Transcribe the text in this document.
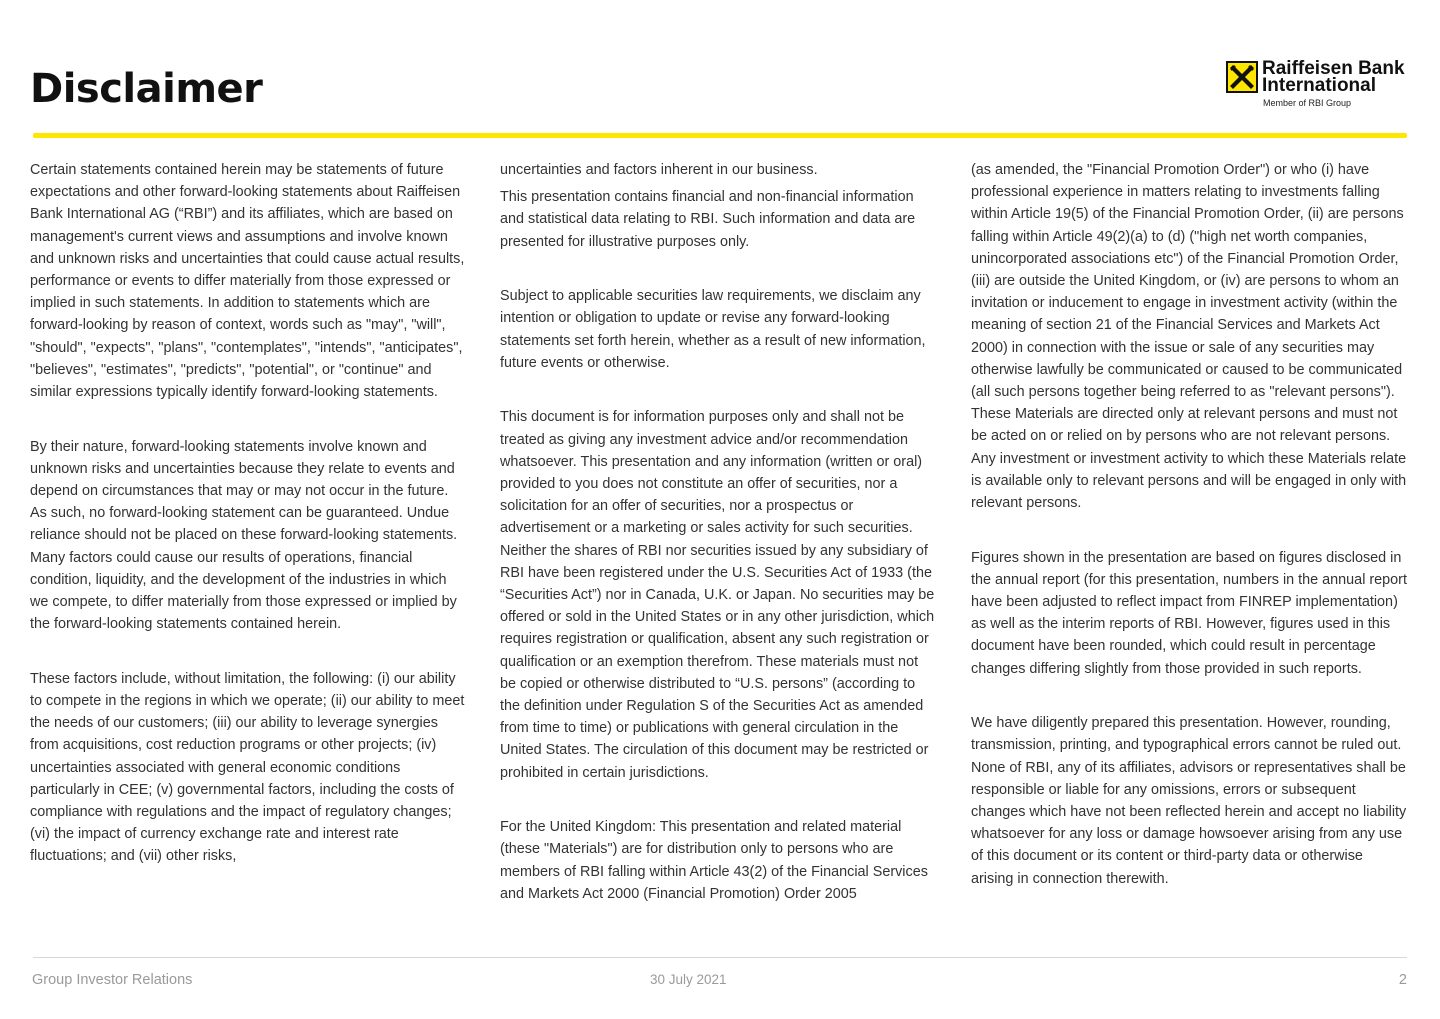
Disclaimer	Raiffeisen Bank
International
Member of RBI Group

Certain statements contained herein may be statements of future expectations and other forward-looking statements about Raiffeisen Bank International AG (“RBI”) and its affiliates, which are based on management's current views and assumptions and involve known and unknown risks and uncertainties that could cause actual results, performance or events to differ materially from those expressed or implied in such statements. In addition to statements which are forward-looking by reason of context, words such as "may", "will", "should", "expects", "plans", "contemplates", "intends", "anticipates", "believes", "estimates", "predicts", "potential", or "continue" and similar expressions typically identify forward-looking statements.

By their nature, forward-looking statements involve known and unknown risks and uncertainties because they relate to events and depend on circumstances that may or may not occur in the future. As such, no forward-looking statement can be guaranteed. Undue reliance should not be placed on these forward-looking statements. Many factors could cause our results of operations, financial condition, liquidity, and the development of the industries in which we compete, to differ materially from those expressed or implied by the forward-looking statements contained herein.

These factors include, without limitation, the following: (i) our ability to compete in the regions in which we operate; (ii) our ability to meet the needs of our customers; (iii) our ability to leverage synergies from acquisitions, cost reduction programs or other projects; (iv) uncertainties associated with general economic conditions particularly in CEE; (v) governmental factors, including the costs of compliance with regulations and the impact of regulatory changes; (vi) the impact of currency exchange rate and interest rate fluctuations; and (vii) other risks,

uncertainties and factors inherent in our business.

This presentation contains financial and non-financial information and statistical data relating to RBI. Such information and data are presented for illustrative purposes only.

Subject to applicable securities law requirements, we disclaim any intention or obligation to update or revise any forward-looking statements set forth herein, whether as a result of new information, future events or otherwise.

This document is for information purposes only and shall not be treated as giving any investment advice and/or recommendation whatsoever. This presentation and any information (written or oral) provided to you does not constitute an offer of securities, nor a solicitation for an offer of securities, nor a prospectus or advertisement or a marketing or sales activity for such securities. Neither the shares of RBI nor securities issued by any subsidiary of RBI have been registered under the U.S. Securities Act of 1933 (the “Securities Act”) nor in Canada, U.K. or Japan. No securities may be offered or sold in the United States or in any other jurisdiction, which requires registration or qualification, absent any such registration or qualification or an exemption therefrom. These materials must not be copied or otherwise distributed to “U.S. persons” (according to the definition under Regulation S of the Securities Act as amended from time to time) or publications with general circulation in the United States. The circulation of this document may be restricted or prohibited in certain jurisdictions.

For the United Kingdom: This presentation and related material (these "Materials") are for distribution only to persons who are members of RBI falling within Article 43(2) of the Financial Services and Markets Act 2000 (Financial Promotion) Order 2005

(as amended, the "Financial Promotion Order") or who (i) have professional experience in matters relating to investments falling within Article 19(5) of the Financial Promotion Order, (ii) are persons falling within Article 49(2)(a) to (d) ("high net worth companies, unincorporated associations etc") of the Financial Promotion Order, (iii) are outside the United Kingdom, or (iv) are persons to whom an invitation or inducement to engage in investment activity (within the meaning of section 21 of the Financial Services and Markets Act 2000) in connection with the issue or sale of any securities may otherwise lawfully be communicated or caused to be communicated (all such persons together being referred to as "relevant persons"). These Materials are directed only at relevant persons and must not be acted on or relied on by persons who are not relevant persons. Any investment or investment activity to which these Materials relate is available only to relevant persons and will be engaged in only with relevant persons.

Figures shown in the presentation are based on figures disclosed in the annual report (for this presentation, numbers in the annual report have been adjusted to reflect impact from FINREP implementation) as well as the interim reports of RBI. However, figures used in this document have been rounded, which could result in percentage changes differing slightly from those provided in such reports.

We have diligently prepared this presentation. However, rounding, transmission, printing, and typographical errors cannot be ruled out. None of RBI, any of its affiliates, advisors or representatives shall be responsible or liable for any omissions, errors or subsequent changes which have not been reflected herein and accept no liability whatsoever for any loss or damage howsoever arising from any use of this document or its content or third-party data or otherwise arising in connection therewith.

Group Investor Relations	30 July 2021	2
